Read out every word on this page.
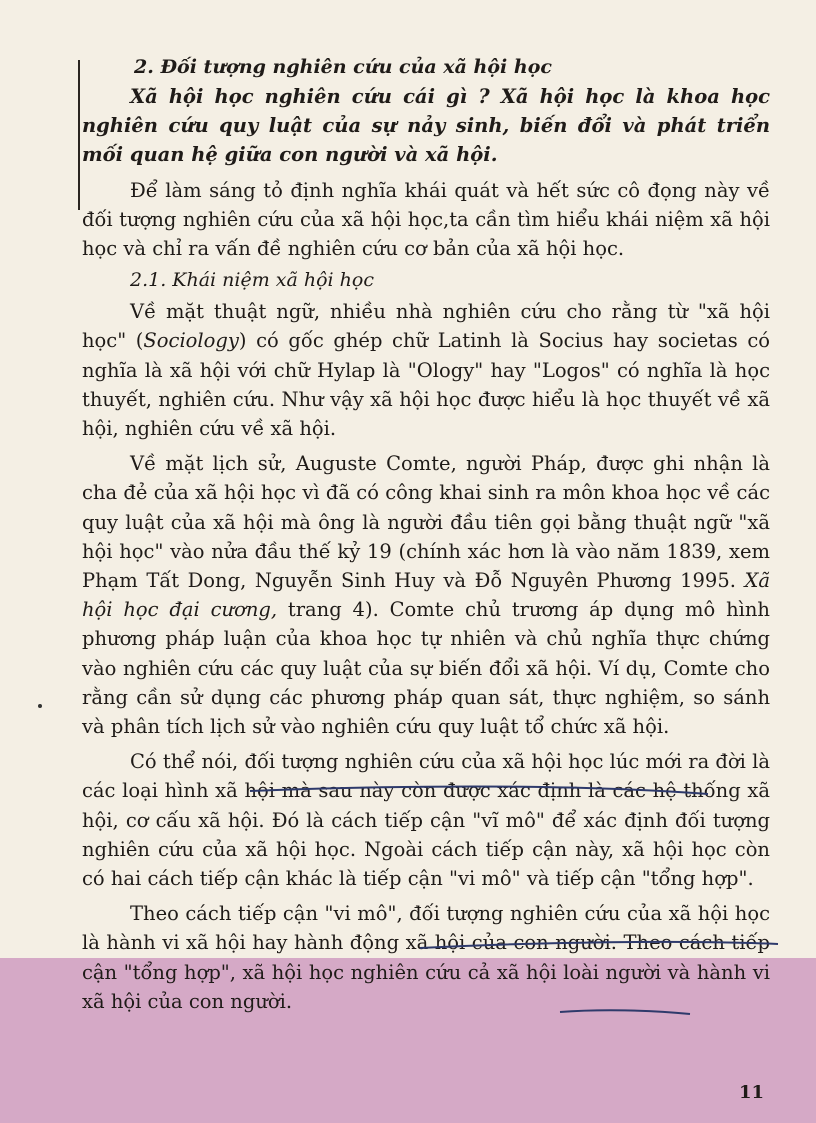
2. Đối tượng nghiên cứu của xã hội học

Xã hội học nghiên cứu cái gì ? Xã hội học là khoa học nghiên cứu quy luật của sự nảy sinh, biến đổi và phát triển mối quan hệ giữa con người và xã hội.

Để làm sáng tỏ định nghĩa khái quát và hết sức cô đọng này về đối tượng nghiên cứu của xã hội học,ta cần tìm hiểu khái niệm xã hội học và chỉ ra vấn đề nghiên cứu cơ bản của xã hội học.

2.1. Khái niệm xã hội học

Về mặt thuật ngữ, nhiều nhà nghiên cứu cho rằng từ "xã hội học" (Sociology) có gốc ghép chữ Latinh là Socius hay societas có nghĩa là xã hội với chữ Hylap là "Ology" hay "Logos" có nghĩa là học thuyết, nghiên cứu. Như vậy xã hội học được hiểu là học thuyết về xã hội, nghiên cứu về xã hội.

Về mặt lịch sử, Auguste Comte, người Pháp, được ghi nhận là cha đẻ của xã hội học vì đã có công khai sinh ra môn khoa học về các quy luật của xã hội mà ông là người đầu tiên gọi bằng thuật ngữ "xã hội học" vào nửa đầu thế kỷ 19 (chính xác hơn là vào năm 1839, xem Phạm Tất Dong, Nguyễn Sinh Huy và Đỗ Nguyên Phương 1995. Xã hội học đại cương, trang 4). Comte chủ trương áp dụng mô hình phương pháp luận của khoa học tự nhiên và chủ nghĩa thực chứng vào nghiên cứu các quy luật của sự biến đổi xã hội. Ví dụ, Comte cho rằng cần sử dụng các phương pháp quan sát, thực nghiệm, so sánh và phân tích lịch sử vào nghiên cứu quy luật tổ chức xã hội.

Có thể nói, đối tượng nghiên cứu của xã hội học lúc mới ra đời là các loại hình xã hội mà sau này còn được xác định là các hệ thống xã hội, cơ cấu xã hội. Đó là cách tiếp cận "vĩ mô" để xác định đối tượng nghiên cứu của xã hội học. Ngoài cách tiếp cận này, xã hội học còn có hai cách tiếp cận khác là tiếp cận "vi mô" và tiếp cận "tổng hợp".

Theo cách tiếp cận "vi mô", đối tượng nghiên cứu của xã hội học là hành vi xã hội hay hành động xã hội của con người. Theo cách tiếp cận "tổng hợp", xã hội học nghiên cứu cả xã hội loài người và hành vi xã hội của con người.

11
